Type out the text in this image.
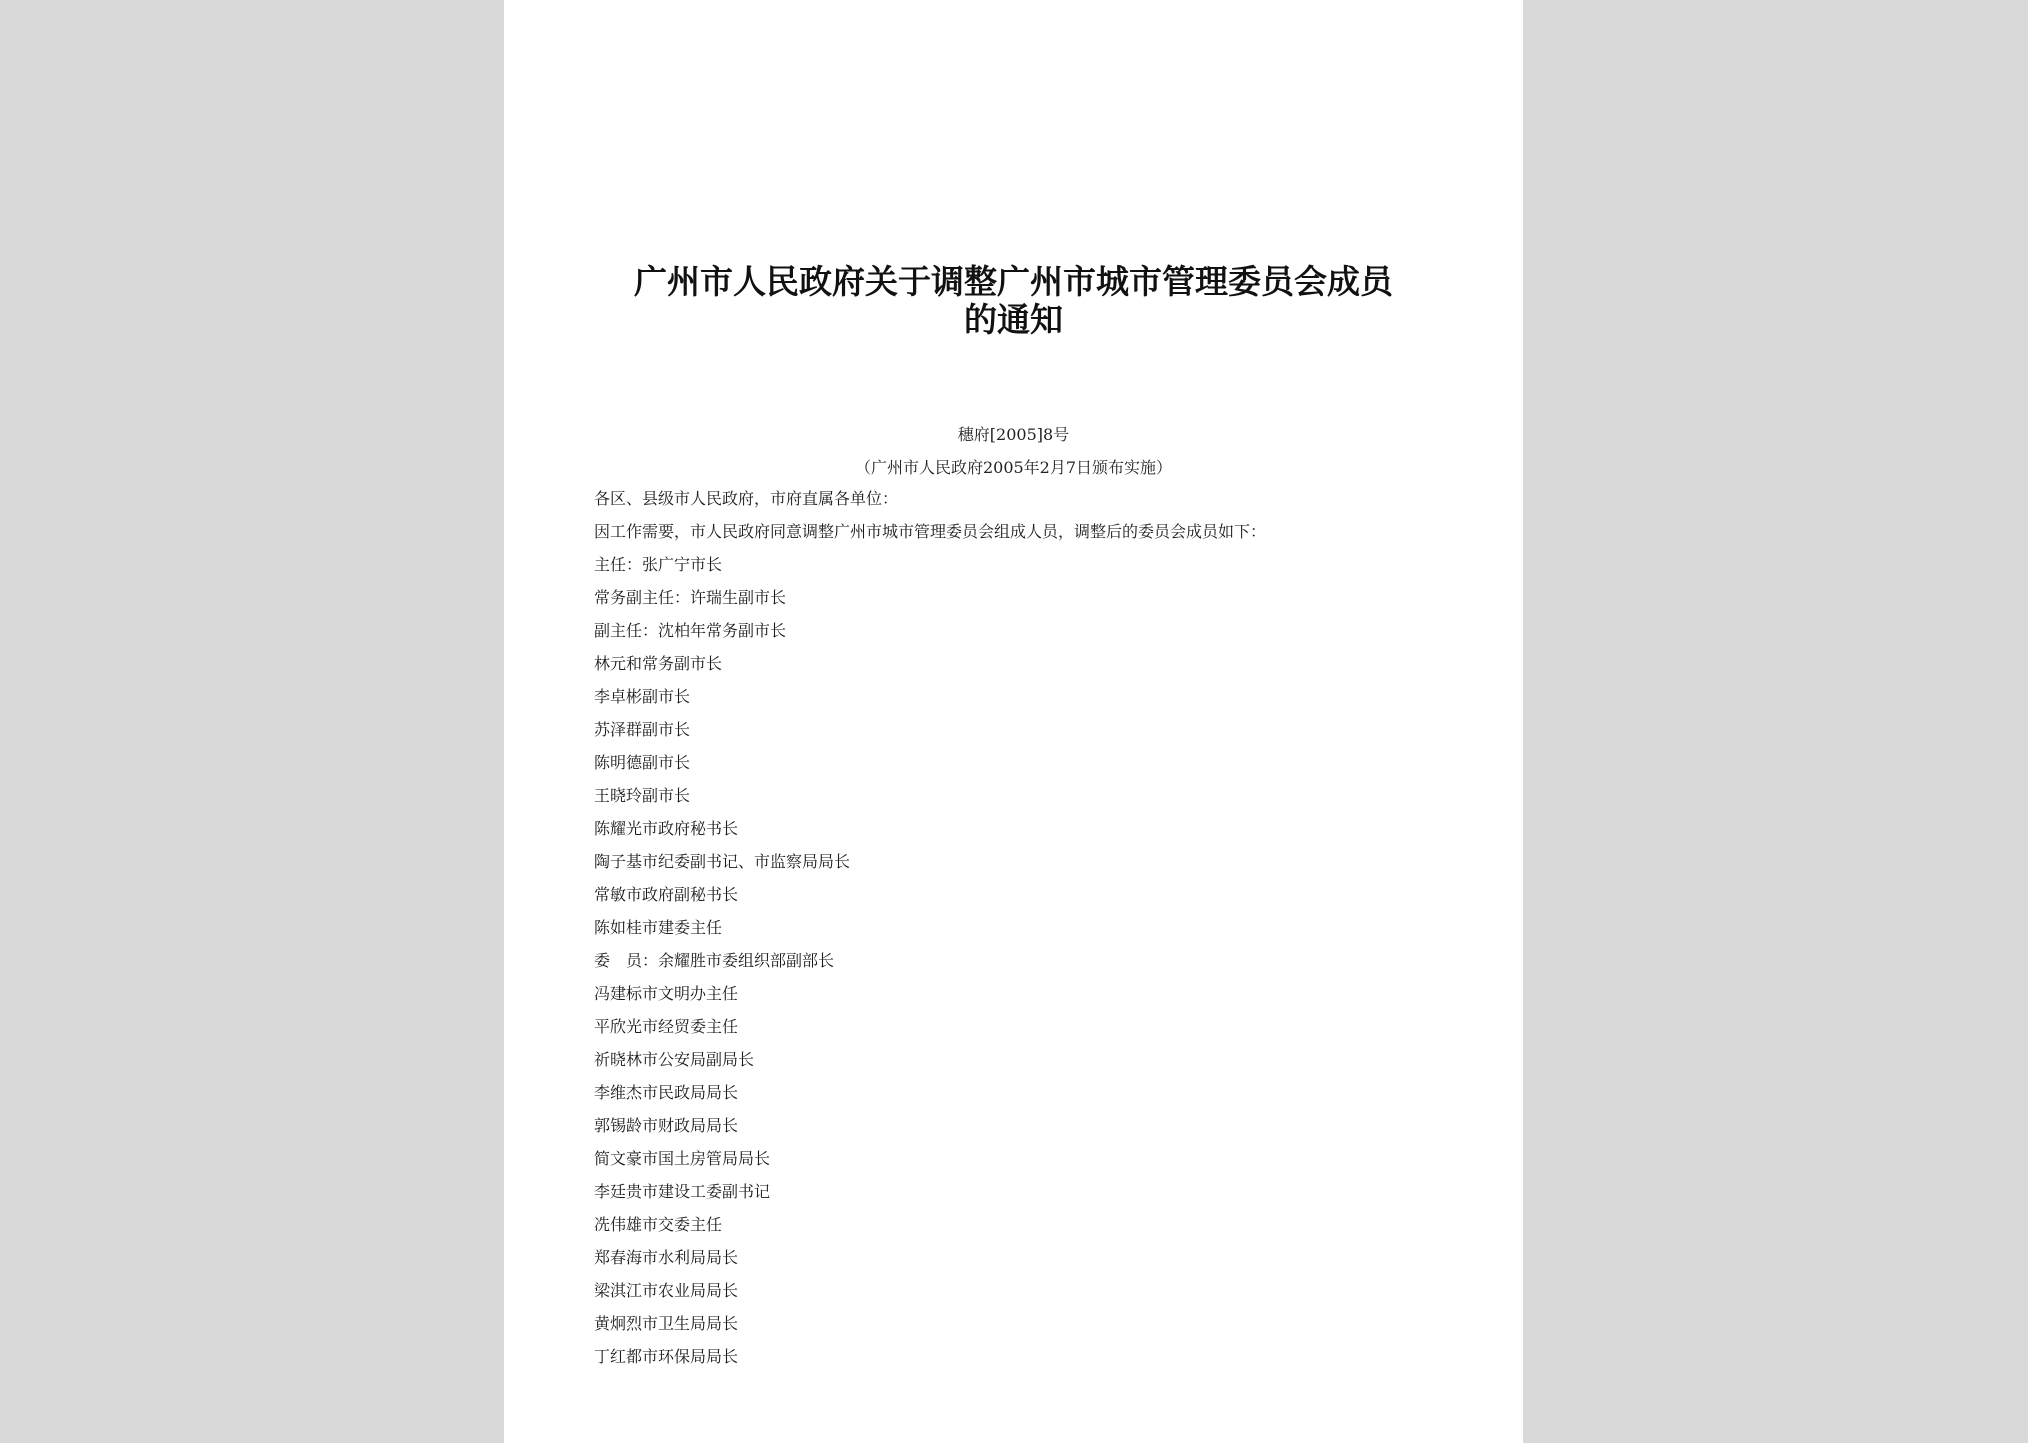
广州市人民政府关于调整广州市城市管理委员会成员
的通知
穗府[2005]8号
（广州市人民政府2005年2月7日颁布实施）
各区、县级市人民政府，市府直属各单位：
因工作需要，市人民政府同意调整广州市城市管理委员会组成人员，调整后的委员会成员如下：
主任：张广宁市长
常务副主任：许瑞生副市长
副主任：沈柏年常务副市长
林元和常务副市长
李卓彬副市长
苏泽群副市长
陈明德副市长
王晓玲副市长
陈耀光市政府秘书长
陶子基市纪委副书记、市监察局局长
常敏市政府副秘书长
陈如桂市建委主任
委　员：余耀胜市委组织部副部长
冯建标市文明办主任
平欣光市经贸委主任
祈晓林市公安局副局长
李维杰市民政局局长
郭锡龄市财政局局长
简文豪市国土房管局局长
李廷贵市建设工委副书记
冼伟雄市交委主任
郑春海市水利局局长
梁淇江市农业局局长
黄炯烈市卫生局局长
丁红都市环保局局长
